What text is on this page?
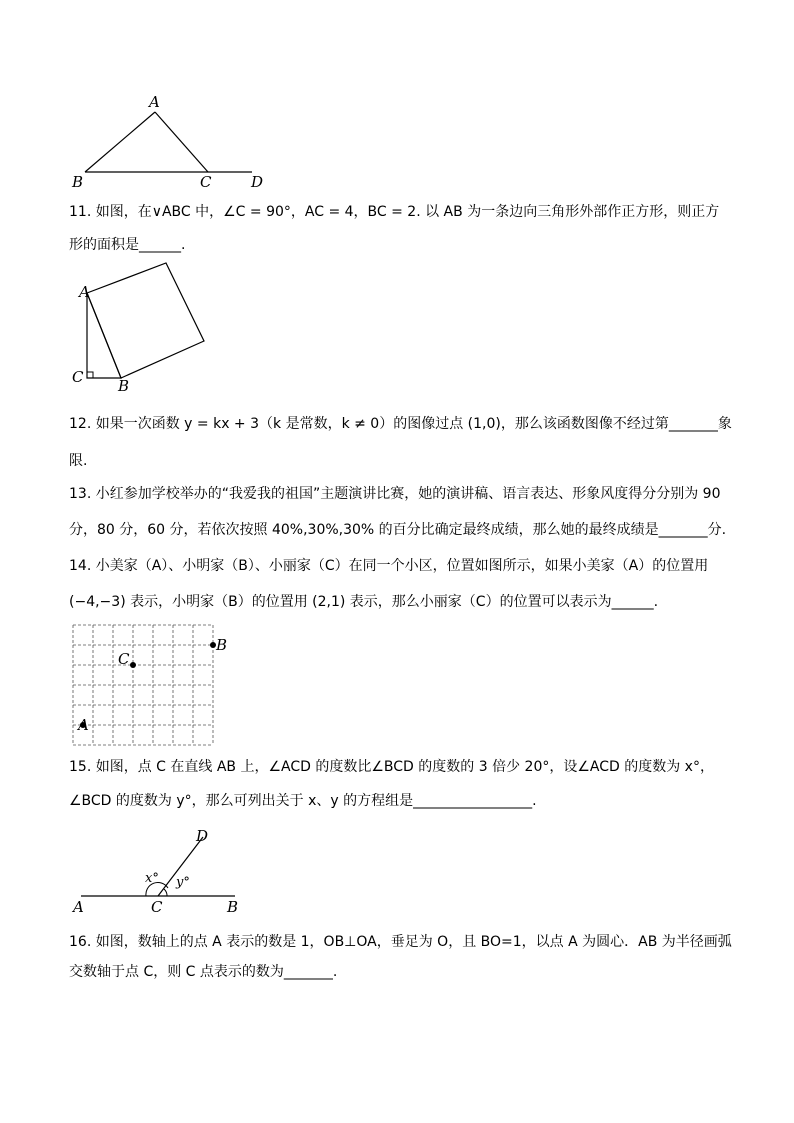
A
B	C	D
11. 如图，在∨ABC 中，∠C = 90°，AC = 4，BC = 2. 以 AB 为一条边向三角形外部作正方形，则正方
形的面积是______.
A
C B
12. 如果一次函数 y = kx + 3（k 是常数，k ≠ 0）的图像过点 (1,0)，那么该函数图像不经过第_______象
限.
13. 小红参加学校举办的“我爱我的祖国”主题演讲比赛，她的演讲稿、语言表达、形象风度得分分别为 90
分，80 分，60 分，若依次按照 40%,30%,30% 的百分比确定最终成绩，那么她的最终成绩是_______分.
14. 小美家（A）、小明家（B）、小丽家（C）在同一个小区，位置如图所示，如果小美家（A）的位置用
(−4,−3) 表示，小明家（B）的位置用 (2,1) 表示，那么小丽家（C）的位置可以表示为______.
C
B
A
15. 如图，点 C 在直线 AB 上，∠ACD 的度数比∠BCD 的度数的 3 倍少 20°，设∠ACD 的度数为 x°，
∠BCD 的度数为 y°，那么可列出关于 x、y 的方程组是_________________.
D
x° y°
A	C	B
16. 如图，数轴上的点 A 表示的数是 1，OB⊥OA，垂足为 O，且 BO=1，以点 A 为圆心．AB 为半径画弧
交数轴于点 C，则 C 点表示的数为_______.
